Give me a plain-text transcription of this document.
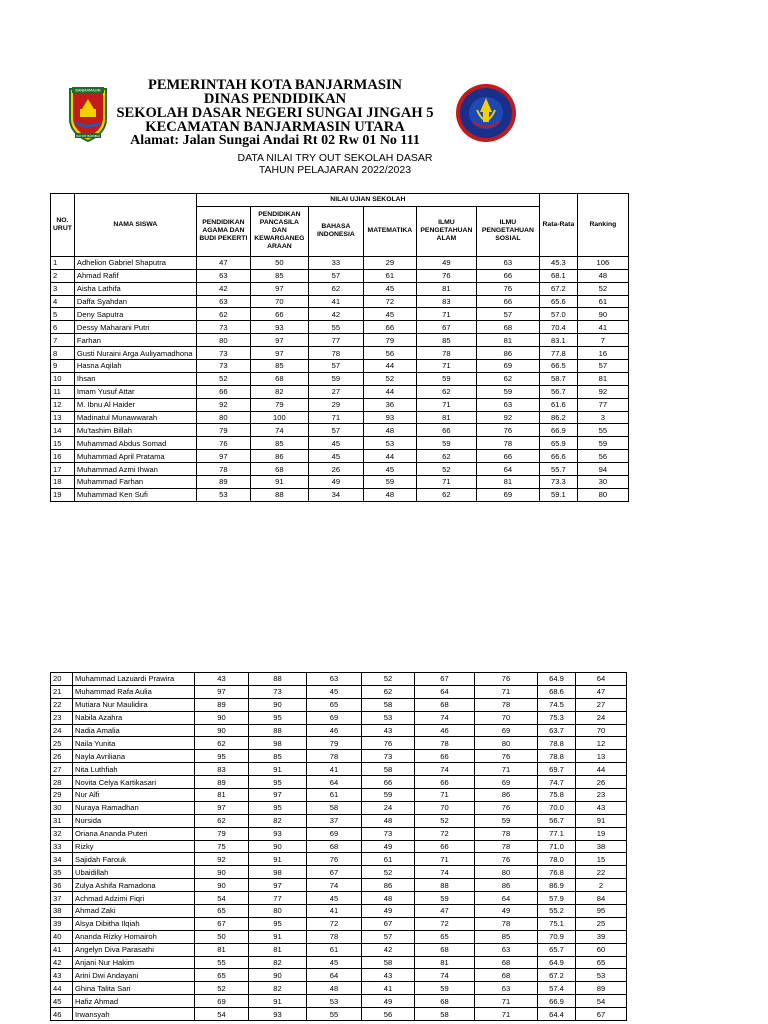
BANJARMASIN
KAYUH BAIMBAI
PEMERINTAH KOTA BANJARMASIN
DINAS PENDIDIKAN
SEKOLAH DASAR NEGERI SUNGAI JINGAH 5
KECAMATAN BANJARMASIN UTARA
Alamat: Jalan Sungai Andai Rt 02 Rw 01 No 111
DATA NILAI TRY OUT SEKOLAH DASAR
TAHUN PELAJARAN 2022/2023
NO. URUT	NAMA SISWA	NILAI UJIAN SEKOLAH						Rata-Rata	Ranking
		PENDIDIKAN AGAMA DAN BUDI PEKERTI	PENDIDIKAN PANCASILA DAN KEWARGANEG ARAAN	BAHASA INDONESIA	MATEMATIKA	ILMU PENGETAHUAN ALAM	ILMU PENGETAHUAN SOSIAL		
1	Adhelion Gabriel Shaputra	47	50	33	29	49	63	45.3	106
2	Ahmad Rafif	63	85	57	61	76	66	68.1	48
3	Aisha Lathifa	42	97	62	45	81	76	67.2	52
4	Daffa Syahdan	63	70	41	72	83	66	65.6	61
5	Deny Saputra	62	66	42	45	71	57	57.0	90
6	Dessy Maharani Putri	73	93	55	66	67	68	70.4	41
7	Farhan	80	97	77	79	85	81	83.1	7
8	Gusti Nuraini Arga Auliyamadhona	73	97	78	56	78	86	77.8	16
9	Hasna Aqilah	73	85	57	44	71	69	66.5	57
10	Ihsan	52	68	59	52	59	62	58.7	81
11	Imam Yusuf Attar	66	82	27	44	62	59	56.7	92
12	M. Ibnu Al Haider	92	79	29	36	71	63	61.6	77
13	Madinatul Munawwarah	80	100	71	93	81	92	86.2	3
14	Mu'tashim Billah	79	74	57	48	66	76	66.9	55
15	Muhammad Abdus Somad	76	85	45	53	59	78	65.9	59
16	Muhammad April Pratama	97	86	45	44	62	66	66.6	56
17	Muhammad Azmi Ihwan	78	68	26	45	52	64	55.7	94
18	Muhammad Farhan	89	91	49	59	71	81	73.3	30
19	Muhammad Ken Sufi	53	88	34	48	62	69	59.1	80
20	Muhammad Lazuardi Prawira	43	88	63	52	67	76	64.9	64
21	Muhammad Rafa Aulia	97	73	45	62	64	71	68.6	47
22	Mutiara Nur Maulidira	89	90	65	58	68	78	74.5	27
23	Nabila Azahra	90	95	69	53	74	70	75.3	24
24	Nadia Amalia	90	88	46	43	46	69	63.7	70
25	Naila Yunita	62	98	79	76	78	80	78.8	12
26	Nayla Avriliana	95	85	78	73	66	76	78.8	13
27	Nita Luthfiah	83	91	41	58	74	71	69.7	44
28	Novita Celya Kartikasari	89	95	64	66	66	69	74.7	26
29	Nur Alfi	81	97	61	59	71	86	75.8	23
30	Nuraya Ramadhan	97	95	58	24	70	76	70.0	43
31	Nursida	62	82	37	48	52	59	56.7	91
32	Oriana Ananda Puteri	79	93	69	73	72	78	77.1	19
33	Rizky	75	90	68	49	66	78	71.0	38
34	Sajidah Farouk	92	91	76	61	71	76	78.0	15
35	Ubaidillah	90	98	67	52	74	80	76.8	22
36	Zulya Ashifa Ramadona	90	97	74	86	88	86	86.9	2
37	Achmad Adzimi Fiqri	54	77	45	48	59	64	57.9	84
38	Ahmad Zaki	65	80	41	49	47	49	55.2	95
39	Alsya Dibitha Ilqiah	67	95	72	67	72	78	75.1	25
40	Ananda Rizky Homairoh	50	91	78	57	65	85	70.9	39
41	Angelyn Diva Parasathi	81	81	61	42	68	63	65.7	60
42	Anjani Nur Hakim	55	82	45	58	81	68	64.9	65
43	Arini Dwi Andayani	65	90	64	43	74	68	67.2	53
44	Ghina Talita Sari	52	82	48	41	59	63	57.4	89
45	Hafiz Ahmad	69	91	53	49	68	71	66.9	54
46	Irwansyah	54	93	55	56	58	71	64.4	67
